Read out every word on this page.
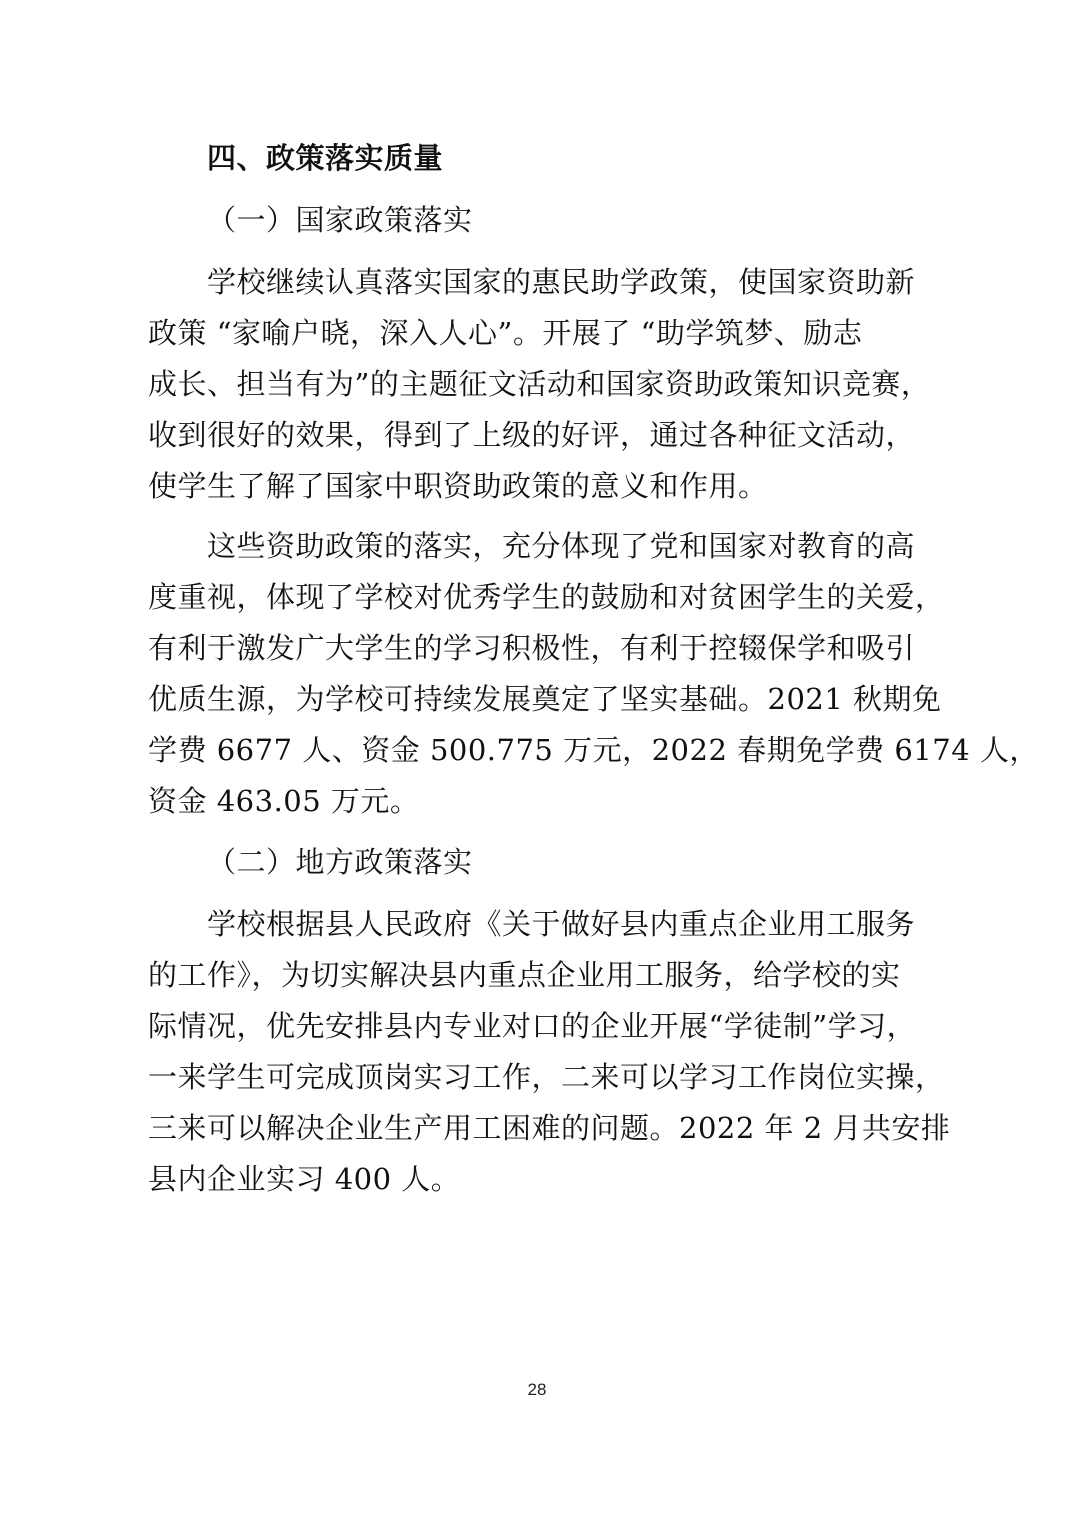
四、政策落实质量
（一）国家政策落实
学校继续认真落实国家的惠民助学政策，使国家资助新
政策 “家喻户晓，深入人心”。开展了 “助学筑梦、励志
成长、担当有为”的主题征文活动和国家资助政策知识竞赛，
收到很好的效果，得到了上级的好评，通过各种征文活动，
使学生了解了国家中职资助政策的意义和作用。
这些资助政策的落实，充分体现了党和国家对教育的高
度重视，体现了学校对优秀学生的鼓励和对贫困学生的关爱，
有利于激发广大学生的学习积极性，有利于控辍保学和吸引
优质生源，为学校可持续发展奠定了坚实基础。2021 秋期免
学费 6677 人、资金 500.775 万元，2022 春期免学费 6174 人，
资金 463.05 万元。
（二）地方政策落实
学校根据县人民政府《关于做好县内重点企业用工服务
的工作》，为切实解决县内重点企业用工服务，给学校的实
际情况，优先安排县内专业对口的企业开展“学徒制”学习，
一来学生可完成顶岗实习工作，二来可以学习工作岗位实操，
三来可以解决企业生产用工困难的问题。2022 年 2 月共安排
县内企业实习 400 人。
28
